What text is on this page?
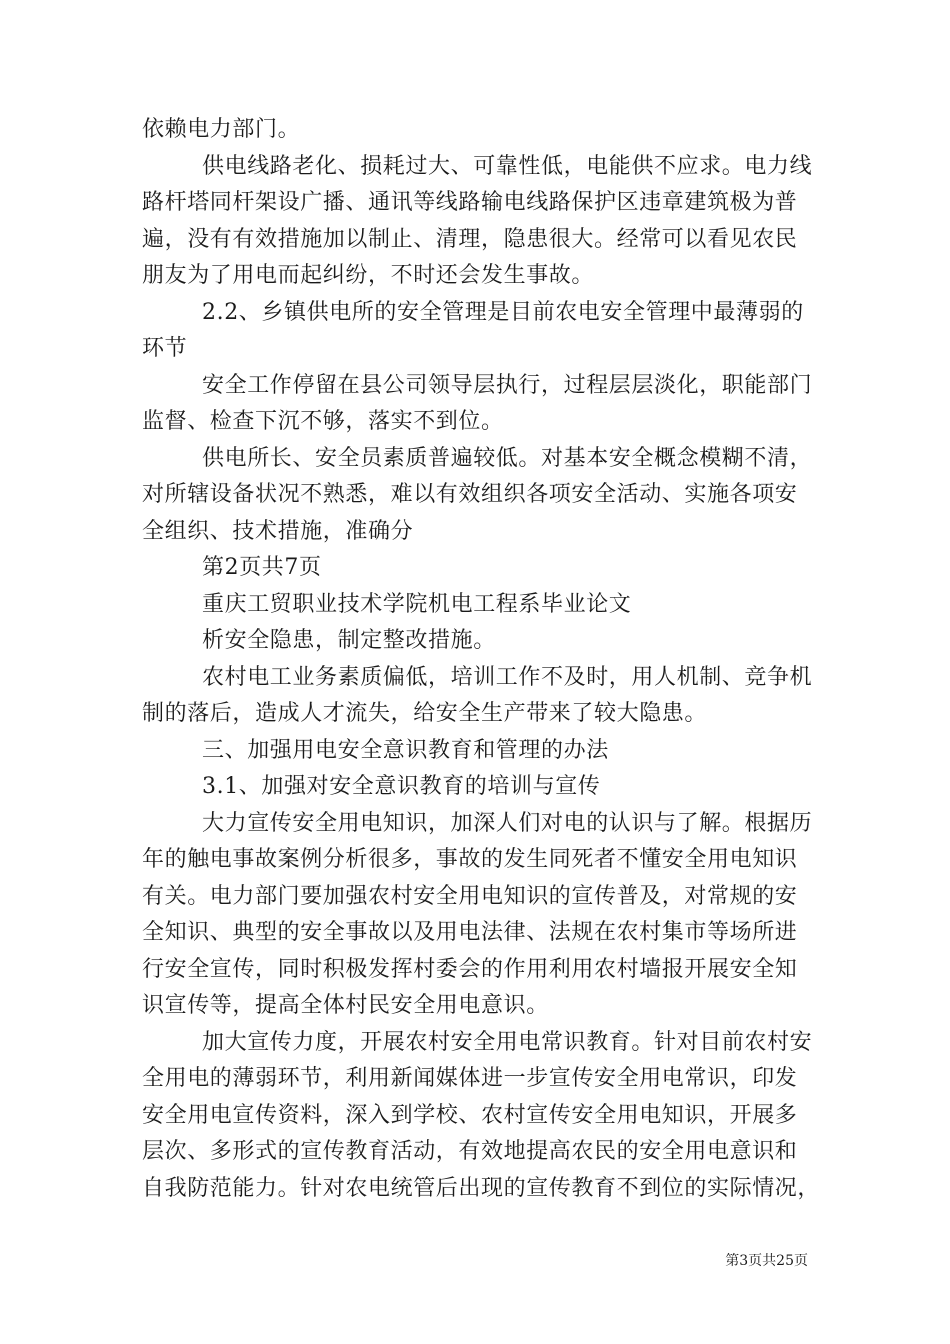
依赖电力部门。
供电线路老化、损耗过大、可靠性低，电能供不应求。电力线
路杆塔同杆架设广播、通讯等线路输电线路保护区违章建筑极为普
遍，没有有效措施加以制止、清理，隐患很大。经常可以看见农民
朋友为了用电而起纠纷，不时还会发生事故。
2.2、乡镇供电所的安全管理是目前农电安全管理中最薄弱的
环节
安全工作停留在县公司领导层执行，过程层层淡化，职能部门
监督、检查下沉不够，落实不到位。
供电所长、安全员素质普遍较低。对基本安全概念模糊不清，
对所辖设备状况不熟悉，难以有效组织各项安全活动、实施各项安
全组织、技术措施，准确分
第2页共7页
重庆工贸职业技术学院机电工程系毕业论文
析安全隐患，制定整改措施。
农村电工业务素质偏低，培训工作不及时，用人机制、竞争机
制的落后，造成人才流失，给安全生产带来了较大隐患。
三、加强用电安全意识教育和管理的办法
3.1、加强对安全意识教育的培训与宣传
大力宣传安全用电知识，加深人们对电的认识与了解。根据历
年的触电事故案例分析很多，事故的发生同死者不懂安全用电知识
有关。电力部门要加强农村安全用电知识的宣传普及，对常规的安
全知识、典型的安全事故以及用电法律、法规在农村集市等场所进
行安全宣传，同时积极发挥村委会的作用利用农村墙报开展安全知
识宣传等，提高全体村民安全用电意识。
加大宣传力度，开展农村安全用电常识教育。针对目前农村安
全用电的薄弱环节，利用新闻媒体进一步宣传安全用电常识，印发
安全用电宣传资料，深入到学校、农村宣传安全用电知识，开展多
层次、多形式的宣传教育活动，有效地提高农民的安全用电意识和
自我防范能力。针对农电统管后出现的宣传教育不到位的实际情况，
第3页共25页
